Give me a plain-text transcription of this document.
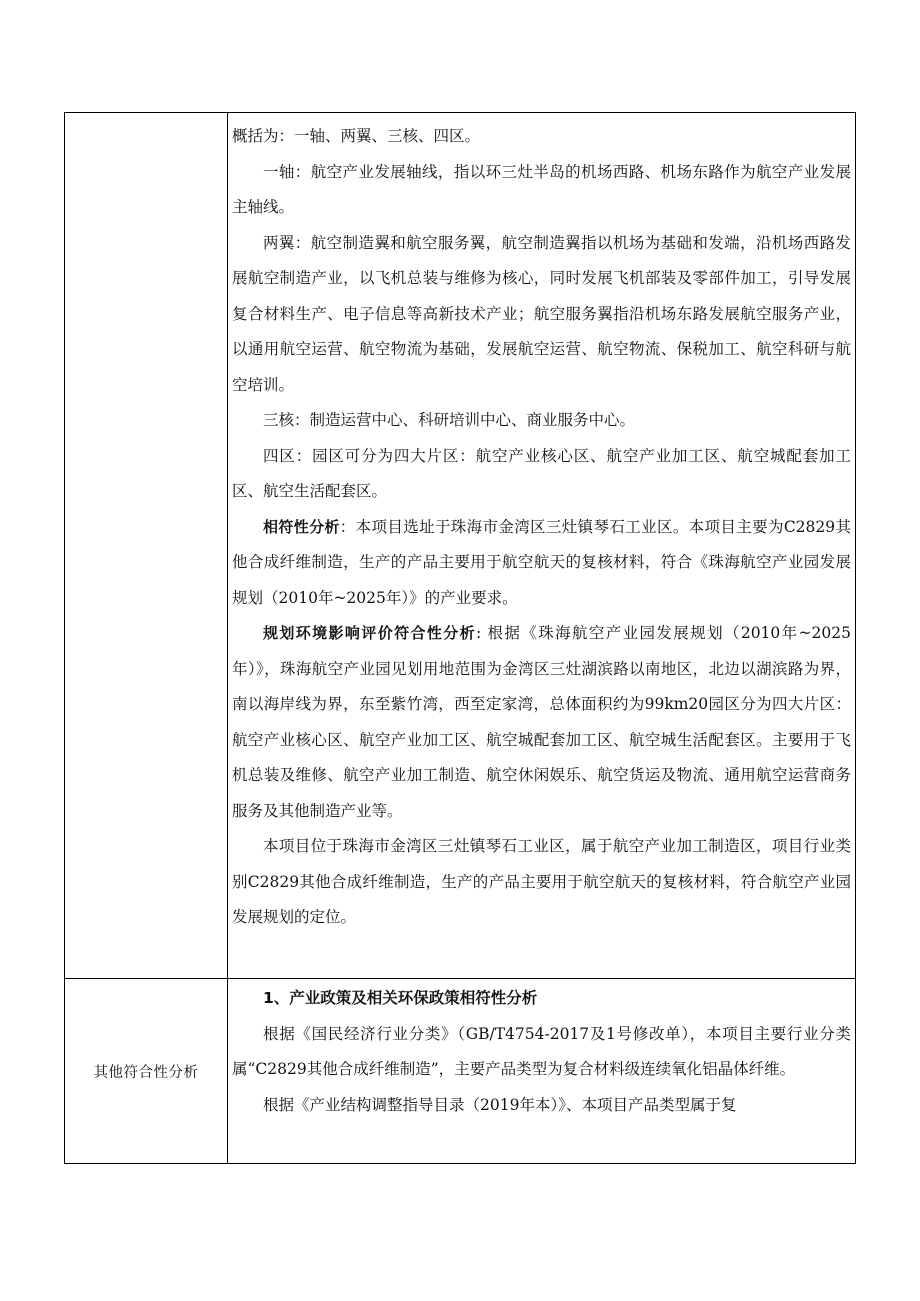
概括为：一轴、两翼、三核、四区。

一轴：航空产业发展轴线，指以环三灶半岛的机场西路、机场东路作为航空产业发展主轴线。

两翼：航空制造翼和航空服务翼，航空制造翼指以机场为基础和发端，沿机场西路发展航空制造产业，以飞机总装与维修为核心，同时发展飞机部装及零部件加工，引导发展复合材料生产、电子信息等高新技术产业；航空服务翼指沿机场东路发展航空服务产业，以通用航空运营、航空物流为基础，发展航空运营、航空物流、保税加工、航空科研与航空培训。

三核：制造运营中心、科研培训中心、商业服务中心。

四区：园区可分为四大片区：航空产业核心区、航空产业加工区、航空城配套加工区、航空生活配套区。

相符性分析：本项目选址于珠海市金湾区三灶镇琴石工业区。本项目主要为C2829其他合成纤维制造，生产的产品主要用于航空航天的复核材料，符合《珠海航空产业园发展规划（2010年~2025年）》的产业要求。

规划环境影响评价符合性分析: 根据《珠海航空产业园发展规划（2010年~2025年）》，珠海航空产业园见划用地范围为金湾区三灶湖滨路以南地区，北边以湖滨路为界，南以海岸线为界，东至紫竹湾，西至定家湾，总体面积约为99km20园区分为四大片区：航空产业核心区、航空产业加工区、航空城配套加工区、航空城生活配套区。主要用于飞机总装及维修、航空产业加工制造、航空休闲娱乐、航空货运及物流、通用航空运营商务服务及其他制造产业等。

本项目位于珠海市金湾区三灶镇琴石工业区，属于航空产业加工制造区，项目行业类别C2829其他合成纤维制造，生产的产品主要用于航空航天的复核材料，符合航空产业园发展规划的定位。

其他符合性分析

1、产业政策及相关环保政策相符性分析

根据《国民经济行业分类》（GB/T4754-2017及1号修改单），本项目主要行业分类属“C2829其他合成纤维制造”，主要产品类型为复合材料级连续氧化铝晶体纤维。

根据《产业结构调整指导目录（2019年本）》、本项目产品类型属于复
